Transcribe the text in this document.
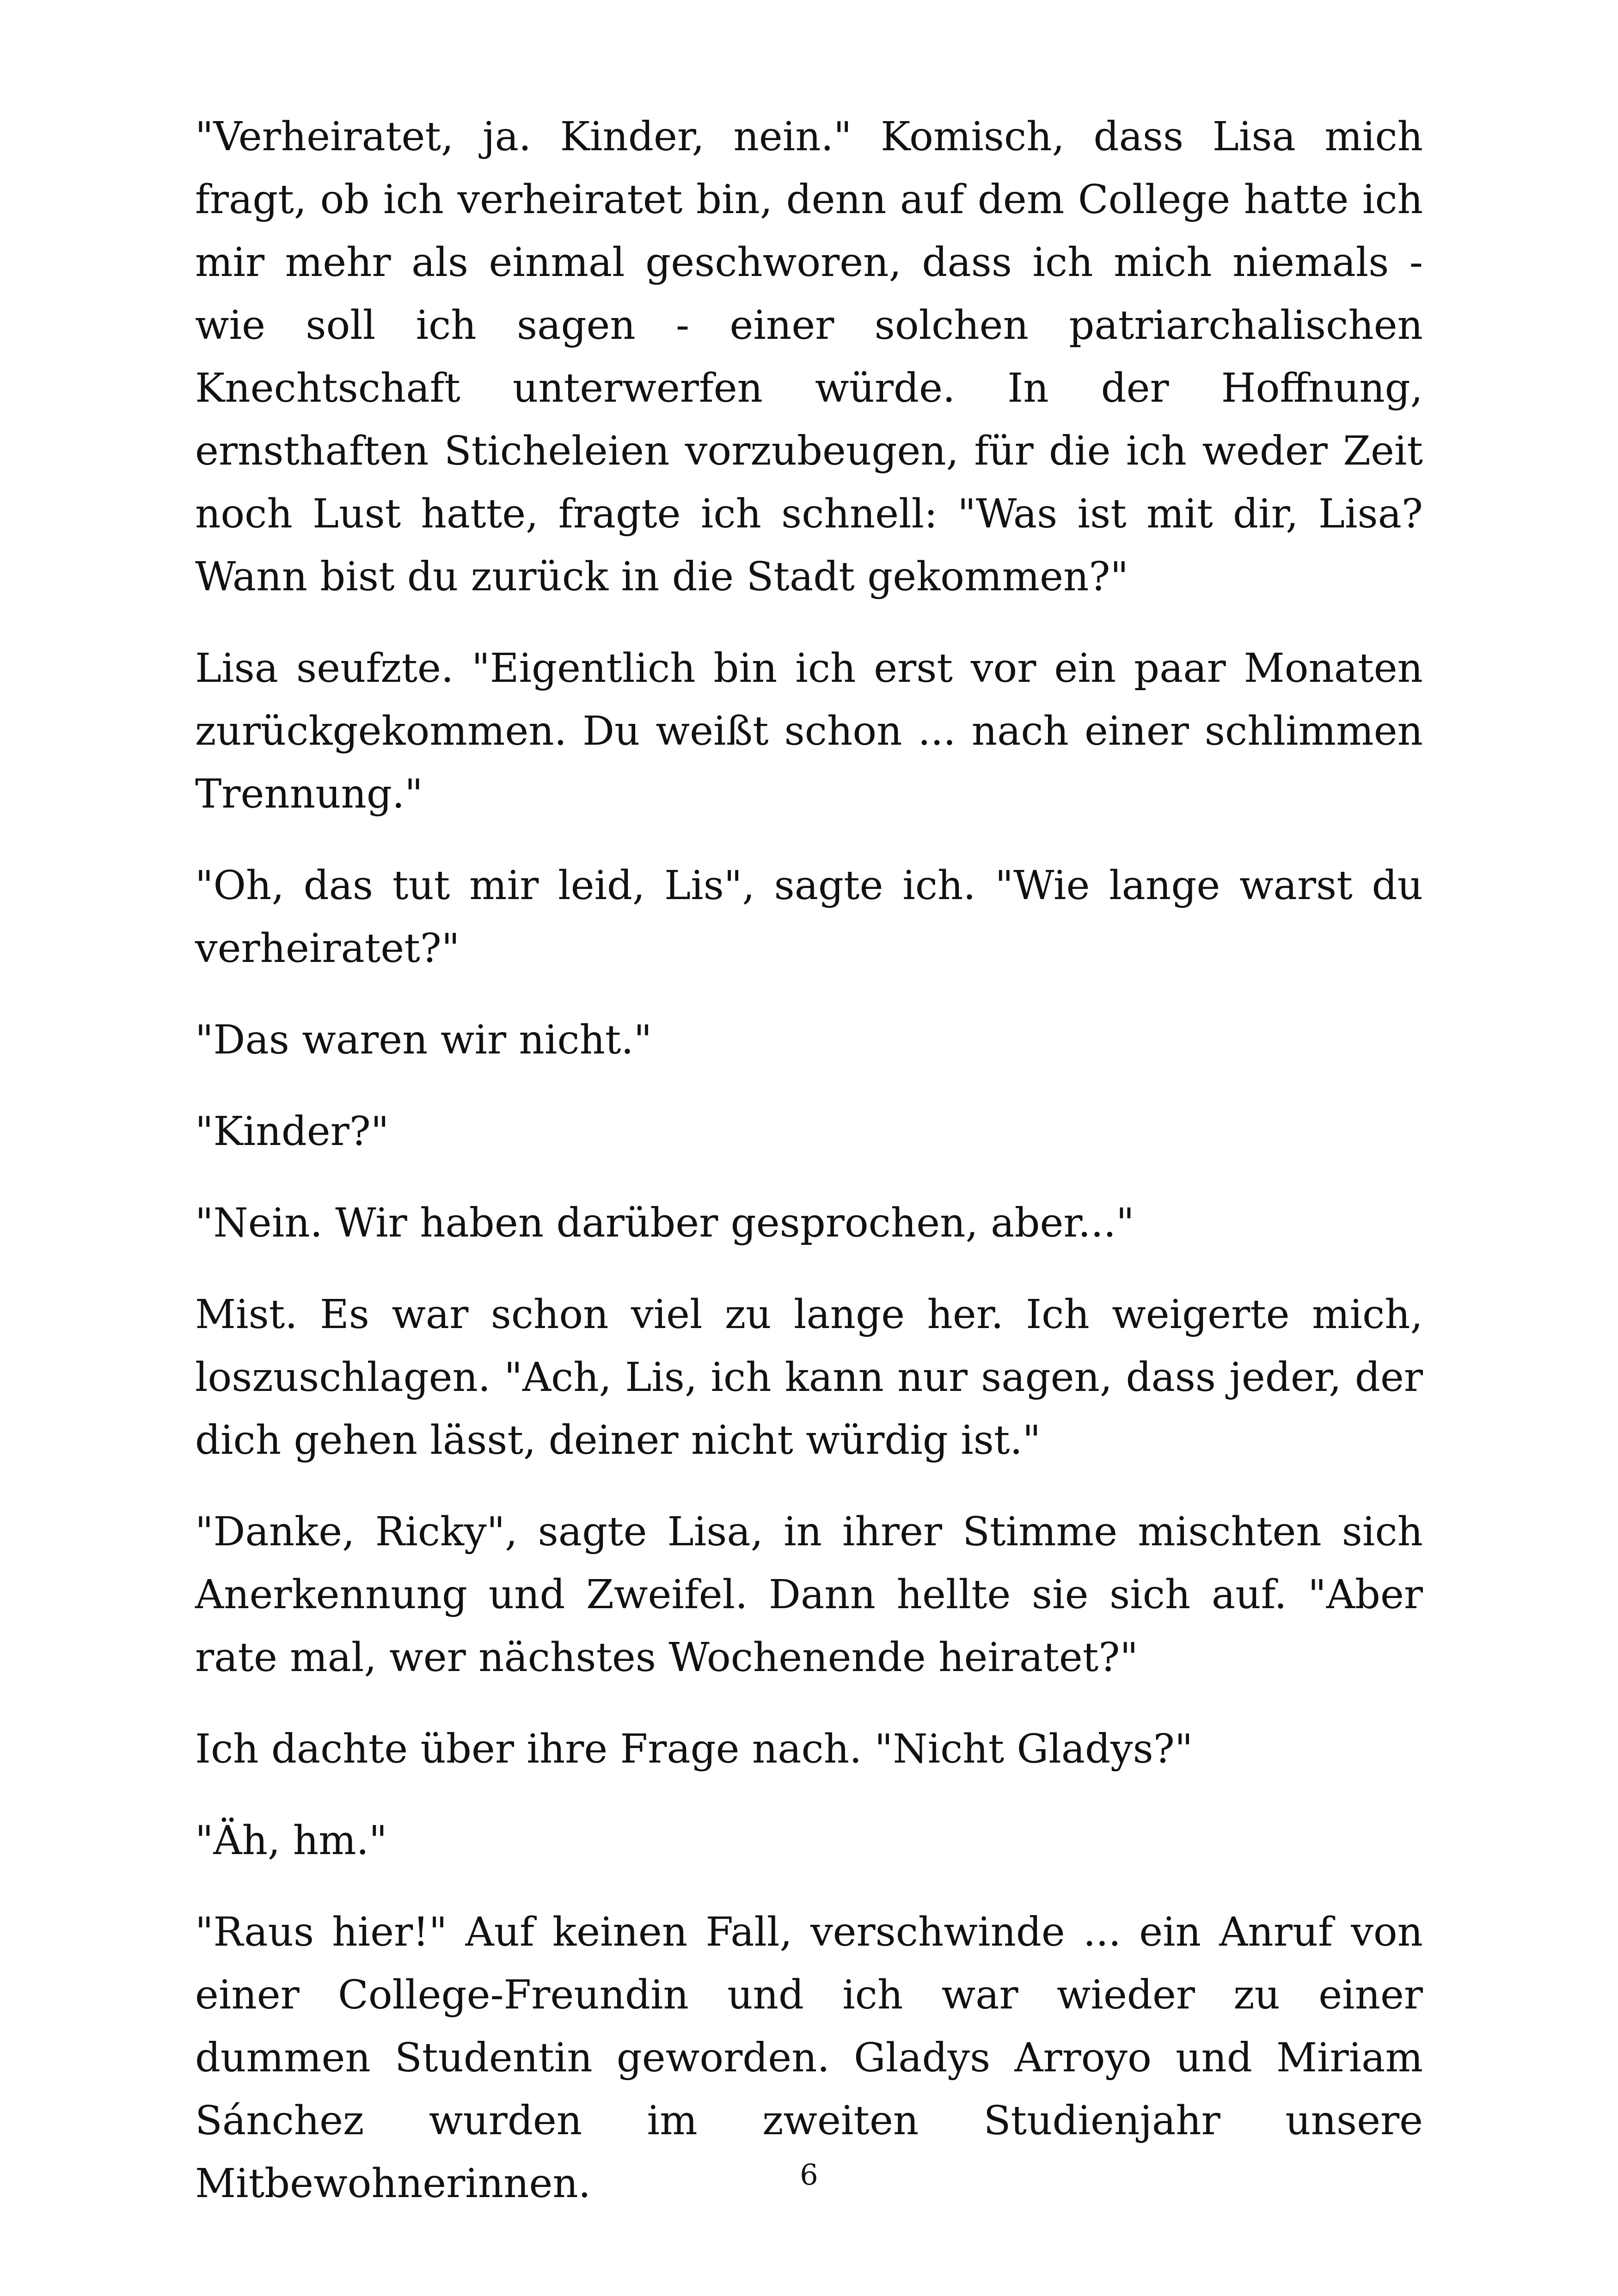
"Verheiratet, ja. Kinder, nein." Komisch, dass Lisa mich fragt, ob ich verheiratet bin, denn auf dem College hatte ich mir mehr als einmal geschworen, dass ich mich niemals - wie soll ich sagen - einer solchen patriarchalischen Knechtschaft unterwerfen würde. In der Hoffnung, ernsthaften Sticheleien vorzubeugen, für die ich weder Zeit noch Lust hatte, fragte ich schnell: "Was ist mit dir, Lisa? Wann bist du zurück in die Stadt gekommen?"

Lisa seufzte. "Eigentlich bin ich erst vor ein paar Monaten zurückgekommen. Du weißt schon ... nach einer schlimmen Trennung."

"Oh, das tut mir leid, Lis", sagte ich. "Wie lange warst du verheiratet?"

"Das waren wir nicht."

"Kinder?"

"Nein. Wir haben darüber gesprochen, aber..."

Mist. Es war schon viel zu lange her. Ich weigerte mich, loszuschlagen. "Ach, Lis, ich kann nur sagen, dass jeder, der dich gehen lässt, deiner nicht würdig ist."

"Danke, Ricky", sagte Lisa, in ihrer Stimme mischten sich Anerkennung und Zweifel. Dann hellte sie sich auf. "Aber rate mal, wer nächstes Wochenende heiratet?"

Ich dachte über ihre Frage nach. "Nicht Gladys?"

"Äh, hm."

"Raus hier!" Auf keinen Fall, verschwinde ... ein Anruf von einer College-Freundin und ich war wieder zu einer dummen Studentin geworden. Gladys Arroyo und Miriam Sánchez wurden im zweiten Studienjahr unsere Mitbewohnerinnen.	6
